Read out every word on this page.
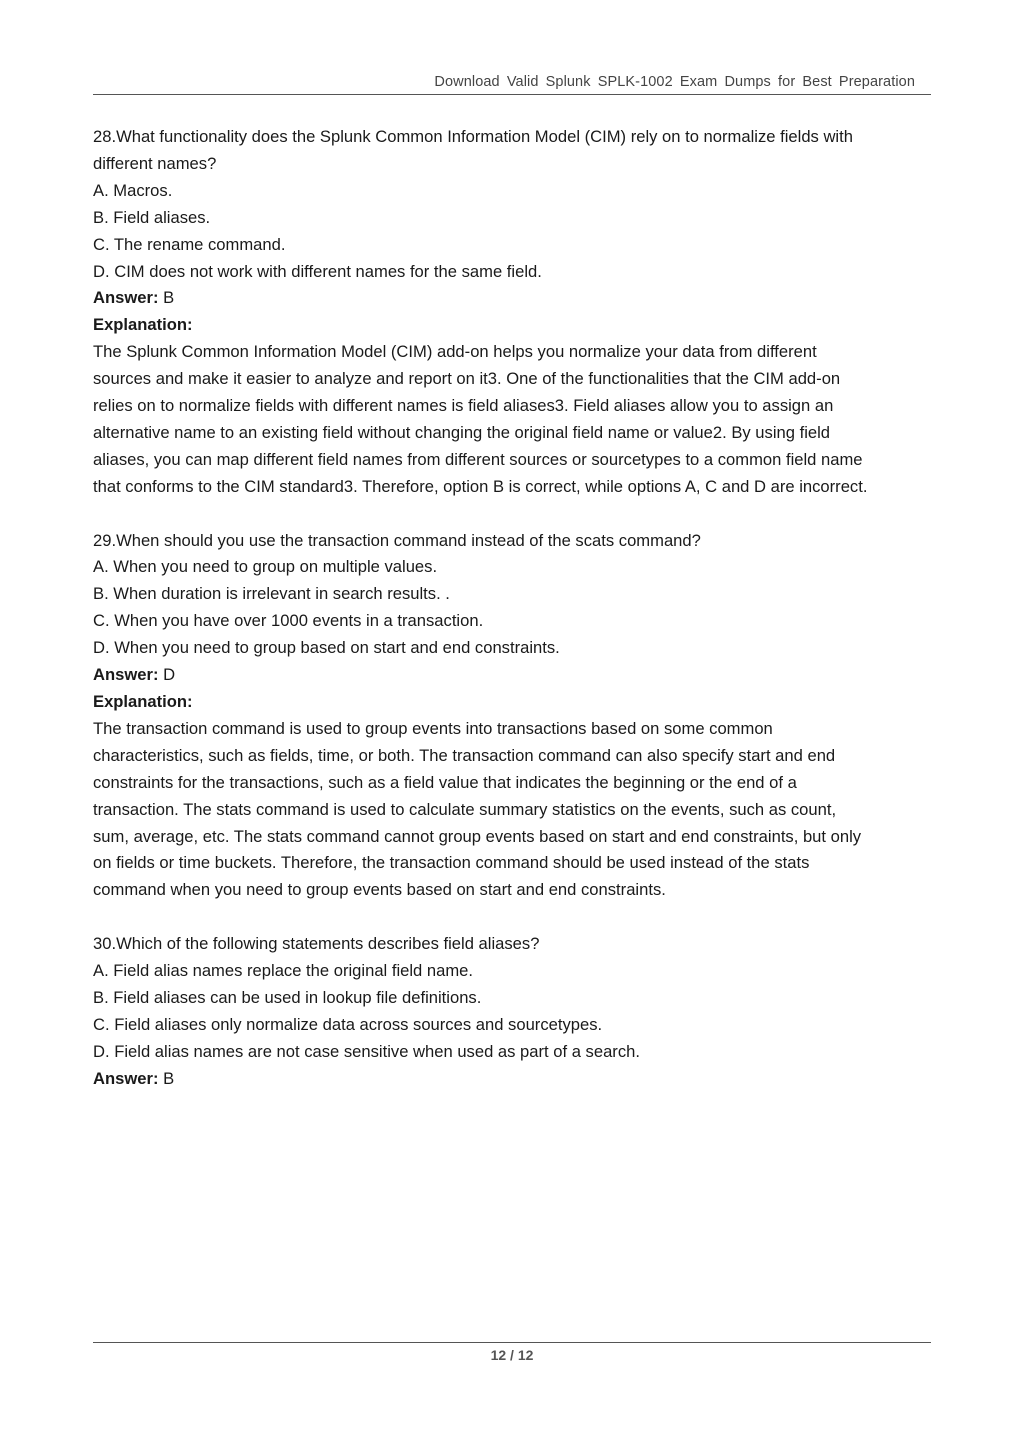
Download Valid Splunk SPLK-1002 Exam Dumps for Best Preparation
28.What functionality does the Splunk Common Information Model (CIM) rely on to normalize fields with
different names?
A. Macros.
B. Field aliases.
C. The rename command.
D. CIM does not work with different names for the same field.
Answer: B
Explanation:
The Splunk Common Information Model (CIM) add-on helps you normalize your data from different
sources and make it easier to analyze and report on it3. One of the functionalities that the CIM add-on
relies on to normalize fields with different names is field aliases3. Field aliases allow you to assign an
alternative name to an existing field without changing the original field name or value2. By using field
aliases, you can map different field names from different sources or sourcetypes to a common field name
that conforms to the CIM standard3. Therefore, option B is correct, while options A, C and D are incorrect.
29.When should you use the transaction command instead of the scats command?
A. When you need to group on multiple values.
B. When duration is irrelevant in search results. .
C. When you have over 1000 events in a transaction.
D. When you need to group based on start and end constraints.
Answer: D
Explanation:
The transaction command is used to group events into transactions based on some common
characteristics, such as fields, time, or both. The transaction command can also specify start and end
constraints for the transactions, such as a field value that indicates the beginning or the end of a
transaction. The stats command is used to calculate summary statistics on the events, such as count,
sum, average, etc. The stats command cannot group events based on start and end constraints, but only
on fields or time buckets. Therefore, the transaction command should be used instead of the stats
command when you need to group events based on start and end constraints.
30.Which of the following statements describes field aliases?
A. Field alias names replace the original field name.
B. Field aliases can be used in lookup file definitions.
C. Field aliases only normalize data across sources and sourcetypes.
D. Field alias names are not case sensitive when used as part of a search.
Answer: B
12 / 12
